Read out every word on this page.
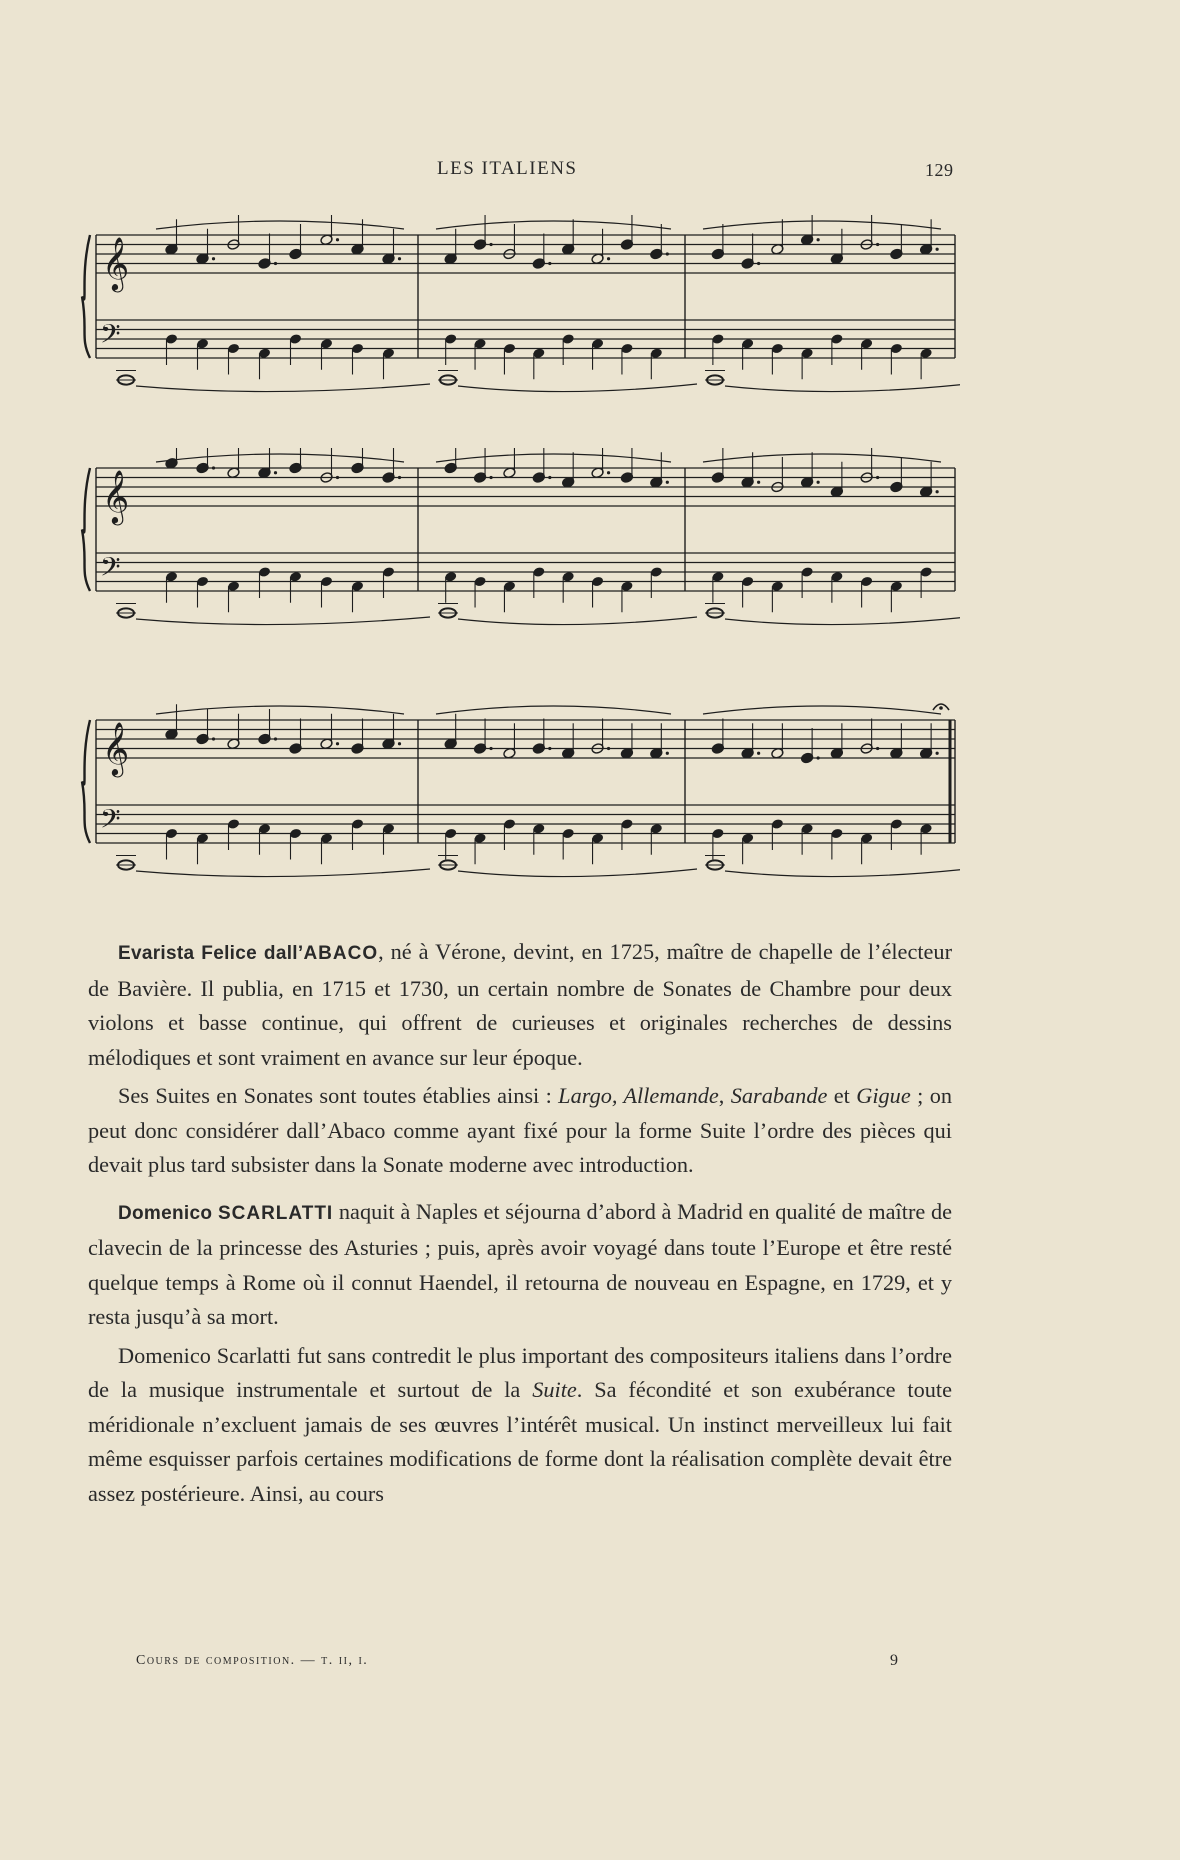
LES ITALIENS	129
𝄞
𝄢
𝄞
𝄢
𝄞
𝄢

Evarista Felice dall’ABACO, né à Vérone, devint, en 1725, maître de chapelle de l’électeur de Bavière. Il publia, en 1715 et 1730, un certain nombre de Sonates de Chambre pour deux violons et basse continue, qui offrent de curieuses et originales recherches de dessins mélodiques et sont vraiment en avance sur leur époque.

Ses Suites en Sonates sont toutes établies ainsi : Largo, Allemande, Sarabande et Gigue ; on peut donc considérer dall’Abaco comme ayant fixé pour la forme Suite l’ordre des pièces qui devait plus tard subsister dans la Sonate moderne avec introduction.

Domenico SCARLATTI naquit à Naples et séjourna d’abord à Madrid en qualité de maître de clavecin de la princesse des Asturies ; puis, après avoir voyagé dans toute l’Europe et être resté quelque temps à Rome où il connut Haendel, il retourna de nouveau en Espagne, en 1729, et y resta jusqu’à sa mort.

Domenico Scarlatti fut sans contredit le plus important des compositeurs italiens dans l’ordre de la musique instrumentale et surtout de la Suite. Sa fécondité et son exubérance toute méridionale n’excluent jamais de ses œuvres l’intérêt musical. Un instinct merveilleux lui fait même esquisser parfois certaines modifications de forme dont la réalisation complète devait être assez postérieure. Ainsi, au cours

Cours de composition. — t. ii, i.	9
